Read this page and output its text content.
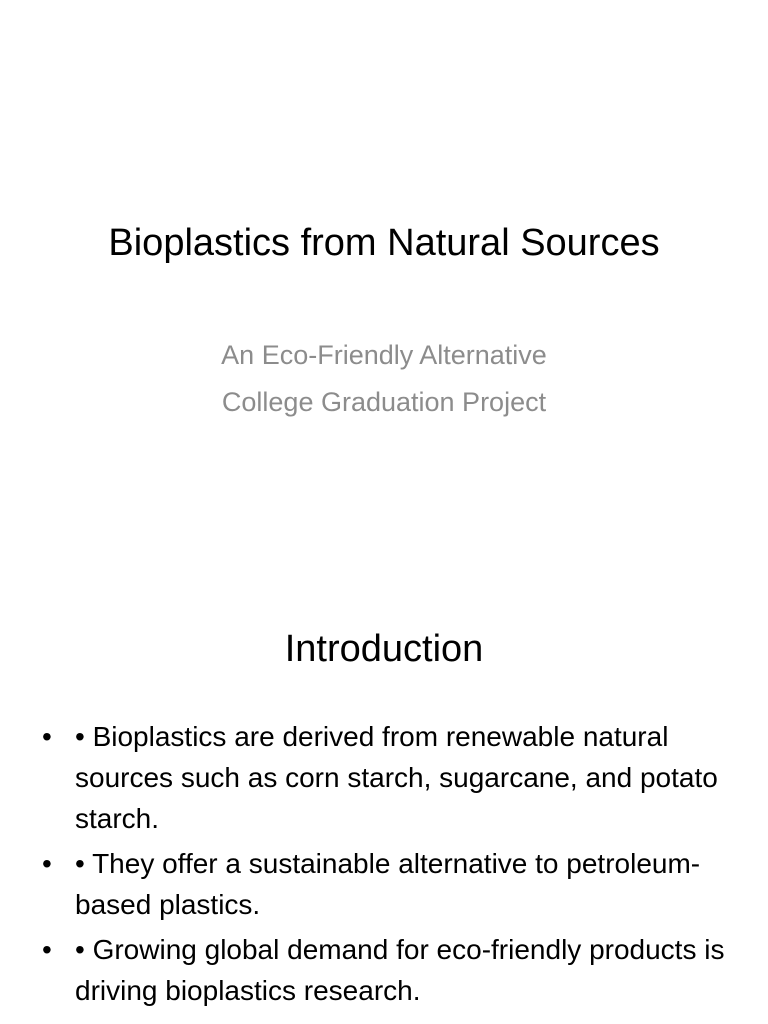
Bioplastics from Natural Sources
An Eco-Friendly Alternative
College Graduation Project
Introduction
• • Bioplastics are derived from renewable natural sources such as corn starch, sugarcane, and potato starch.
• • They offer a sustainable alternative to petroleum-based plastics.
• • Growing global demand for eco-friendly products is driving bioplastics research.
